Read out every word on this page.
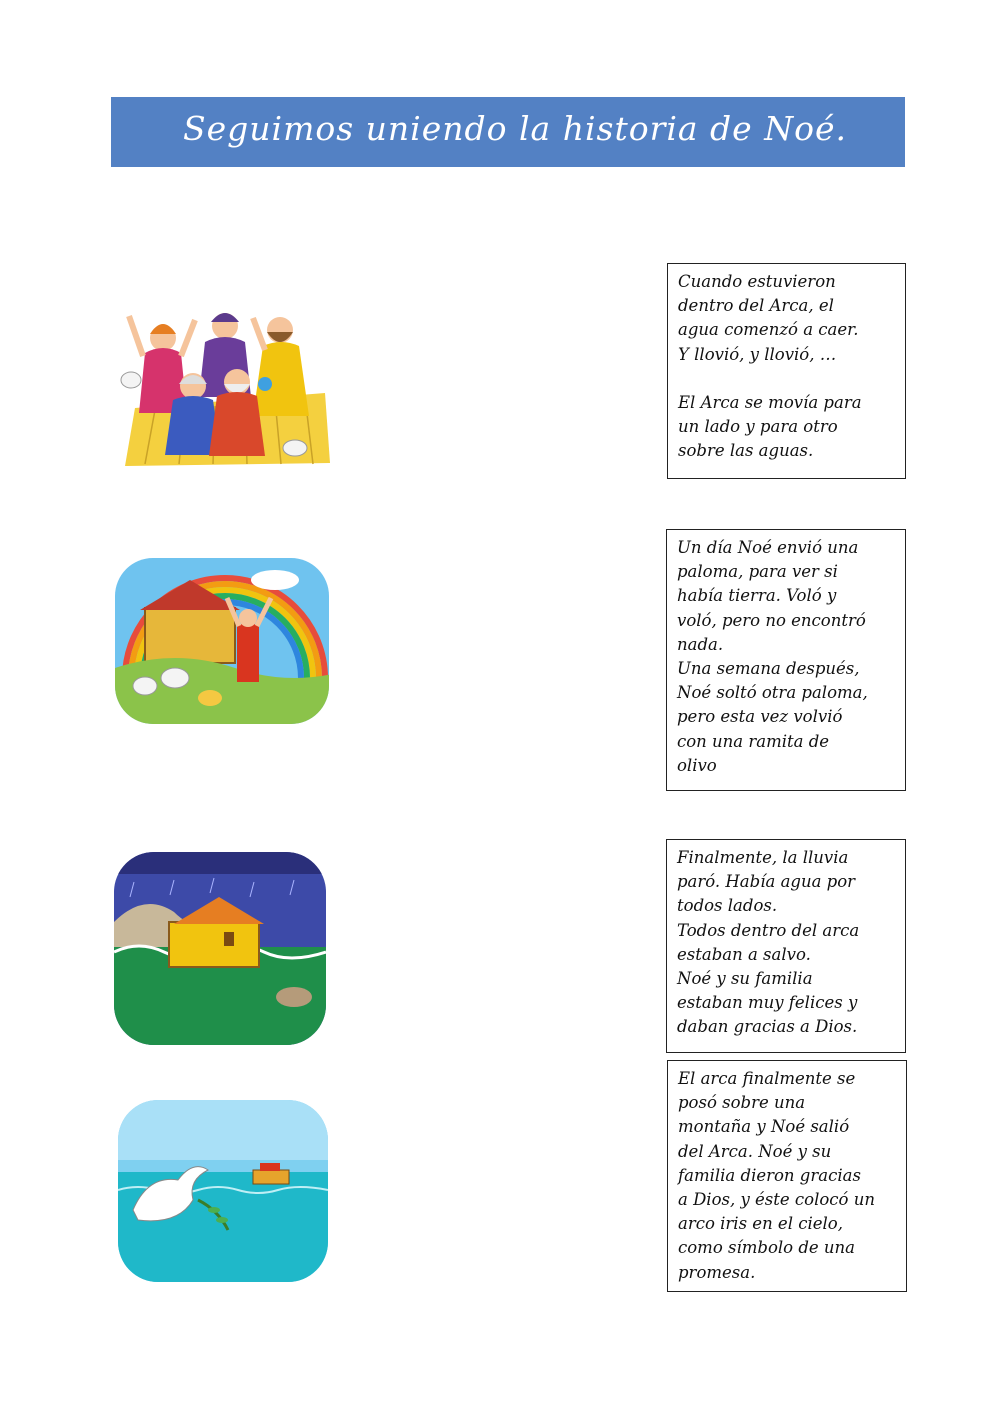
Seguimos uniendo la historia de Noé.

Cuando estuvieron
dentro del Arca, el
agua comenzó a caer.
Y llovió, y llovió, …

El Arca se movía para
un lado y para otro
sobre las aguas.

Un día Noé envió una
paloma, para ver si
había tierra. Voló y
voló, pero no encontró
nada.
Una semana después,
Noé soltó otra paloma,
pero esta vez volvió
con una ramita de
olivo

Finalmente, la lluvia
paró. Había agua por
todos lados.
Todos dentro del arca
estaban a salvo.
Noé y su familia
estaban muy felices y
daban gracias a Dios.

El arca finalmente se
posó sobre una
montaña y Noé salió
del Arca. Noé y su
familia dieron gracias
a Dios, y éste colocó un
arco iris en el cielo,
como símbolo de una
promesa.
